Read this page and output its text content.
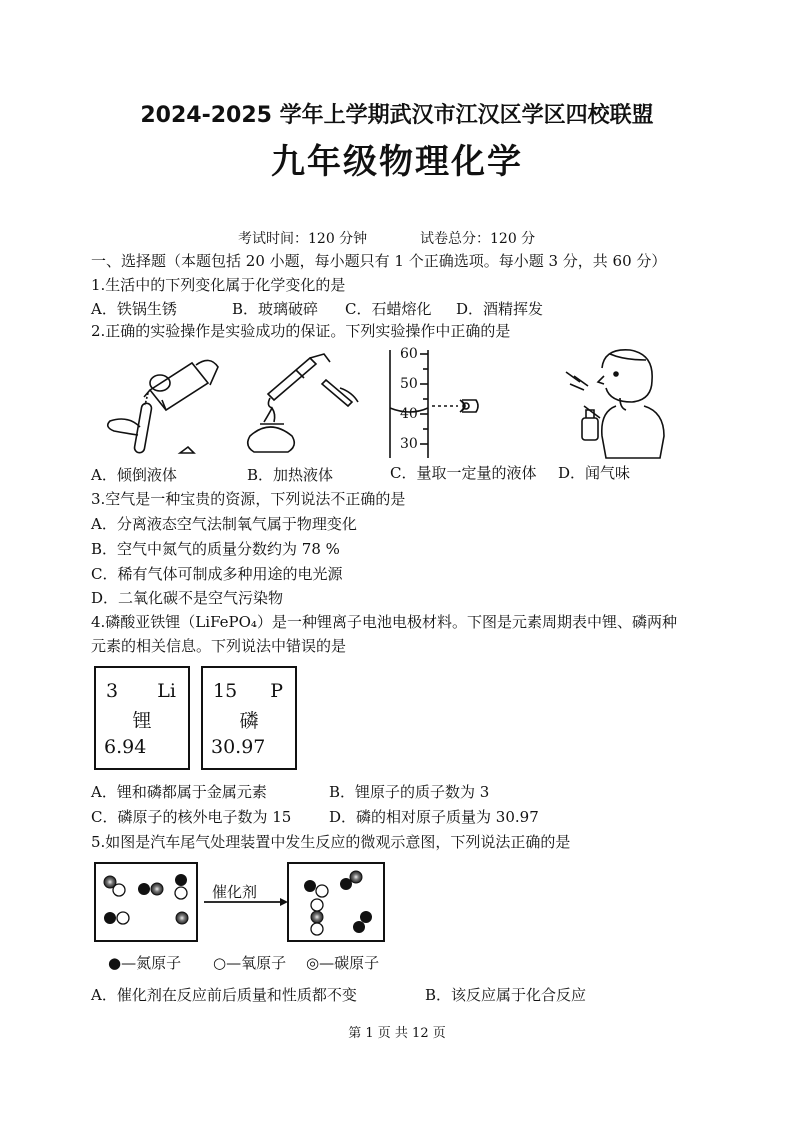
2024-2025 学年上学期武汉市江汉区学区四校联盟
九年级物理化学
考试时间：120 分钟	试卷总分：120 分
一、选择题（本题包括 20 小题，每小题只有 1 个正确选项。每小题 3 分，共 60 分）
1.生活中的下列变化属于化学变化的是
A．铁锅生锈	B．玻璃破碎 C．石蜡熔化 D．酒精挥发
2.正确的实验操作是实验成功的保证。下列实验操作中正确的是
60
50
40
30
A．倾倒液体	B．加热液体	C．量取一定量的液体 D．闻气味
3.空气是一种宝贵的资源，下列说法不正确的是
A．分离液态空气法制氧气属于物理变化
B．空气中氮气的质量分数约为 78 %
C．稀有气体可制成多种用途的电光源
D．二氧化碳不是空气污染物
4.磷酸亚铁锂（LiFePO₄）是一种锂离子电池电极材料。下图是元素周期表中锂、磷两种
元素的相关信息。下列说法中错误的是
3 Li
锂
6.94
15 P
磷
30.97
A．锂和磷都属于金属元素	B．锂原子的质子数为 3
C．磷原子的核外电子数为 15	D．磷的相对原子质量为 30.97
5.如图是汽车尾气处理装置中发生反应的微观示意图，下列说法正确的是
催化剂
●—氮原子 ○—氧原子 ◎—碳原子
A．催化剂在反应前后质量和性质都不变	B．该反应属于化合反应
第 1 页 共 12 页
